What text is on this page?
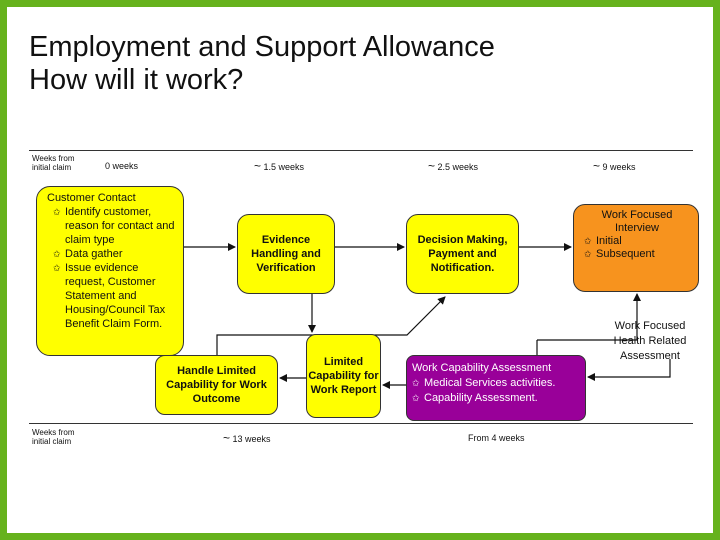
Employment and Support Allowance
How will it work?
Weeks from initial claim	0 weeks	~ 1.5 weeks	~ 2.5 weeks	~ 9 weeks
Weeks from initial claim	~ 13 weeks	From 4 weeks
Customer Contact
✩ Identify customer, reason for contact and claim type
✩ Data gather
✩ Issue evidence request, Customer Statement and Housing/Council Tax Benefit Claim Form.
Evidence Handling and Verification
Decision Making, Payment and Notification.
Handle Limited Capability for Work Outcome
Limited Capability for Work Report
Work Capability Assessment
✩ Medical Services activities.
✩ Capability Assessment.
Work Focused Interview
✩ Initial
✩ Subsequent
Work Focused Health Related Assessment
